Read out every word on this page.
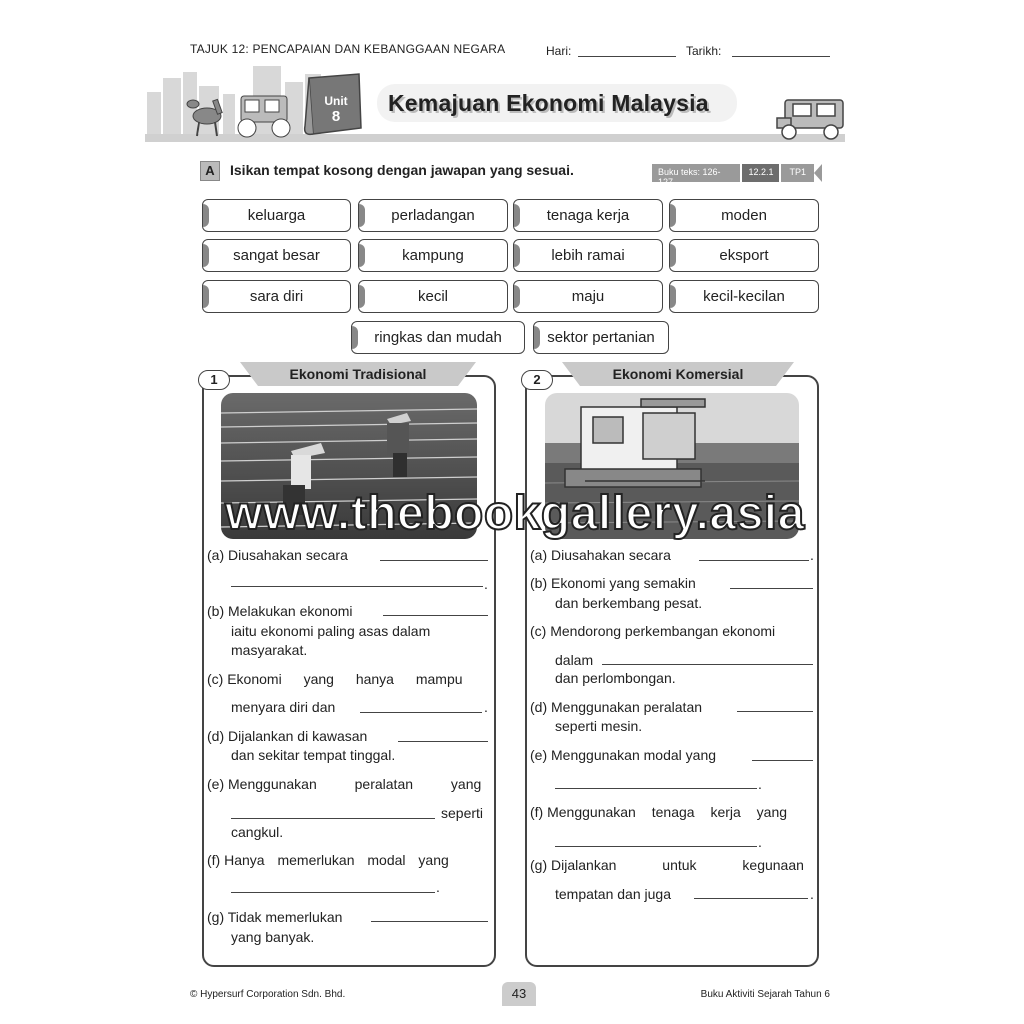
TAJUK 12: PENCAPAIAN DAN KEBANGGAAN NEGARA	Hari:	Tarikh:
Unit
8
Kemajuan Ekonomi Malaysia
A	Isikan tempat kosong dengan jawapan yang sesuai.	Buku teks: 126-127
12.2.1	TP1
keluarga	perladangan	tenaga kerja	moden
sangat besar	kampung	lebih ramai	eksport
sara diri	kecil	maju	kecil-kecilan
ringkas dan mudah	sektor pertanian
1	Ekonomi Tradisional	2	Ekonomi Komersial
www.thebookgallery.asia
(a) Diusahakan secara
.
(b) Melakukan ekonomi
iaitu ekonomi paling asas dalam
masyarakat.
(c) Ekonomi yang hanya mampu
menyara diri dan	.
(d) Dijalankan di kawasan
dan sekitar tempat tinggal.
(e) Menggunakan peralatan yang
seperti
cangkul.
(f) Hanya memerlukan modal yang
.
(g) Tidak memerlukan
yang banyak.
(a) Diusahakan secara	.
(b) Ekonomi yang semakin
dan berkembang pesat.
(c) Mendorong perkembangan ekonomi
dalam
dan perlombongan.
(d) Menggunakan peralatan
seperti mesin.
(e) Menggunakan modal yang
.
(f) Menggunakan tenaga kerja yang
.
(g) Dijalankan untuk kegunaan
tempatan dan juga	.
© Hypersurf Corporation Sdn. Bhd.	43	Buku Aktiviti Sejarah Tahun 6
